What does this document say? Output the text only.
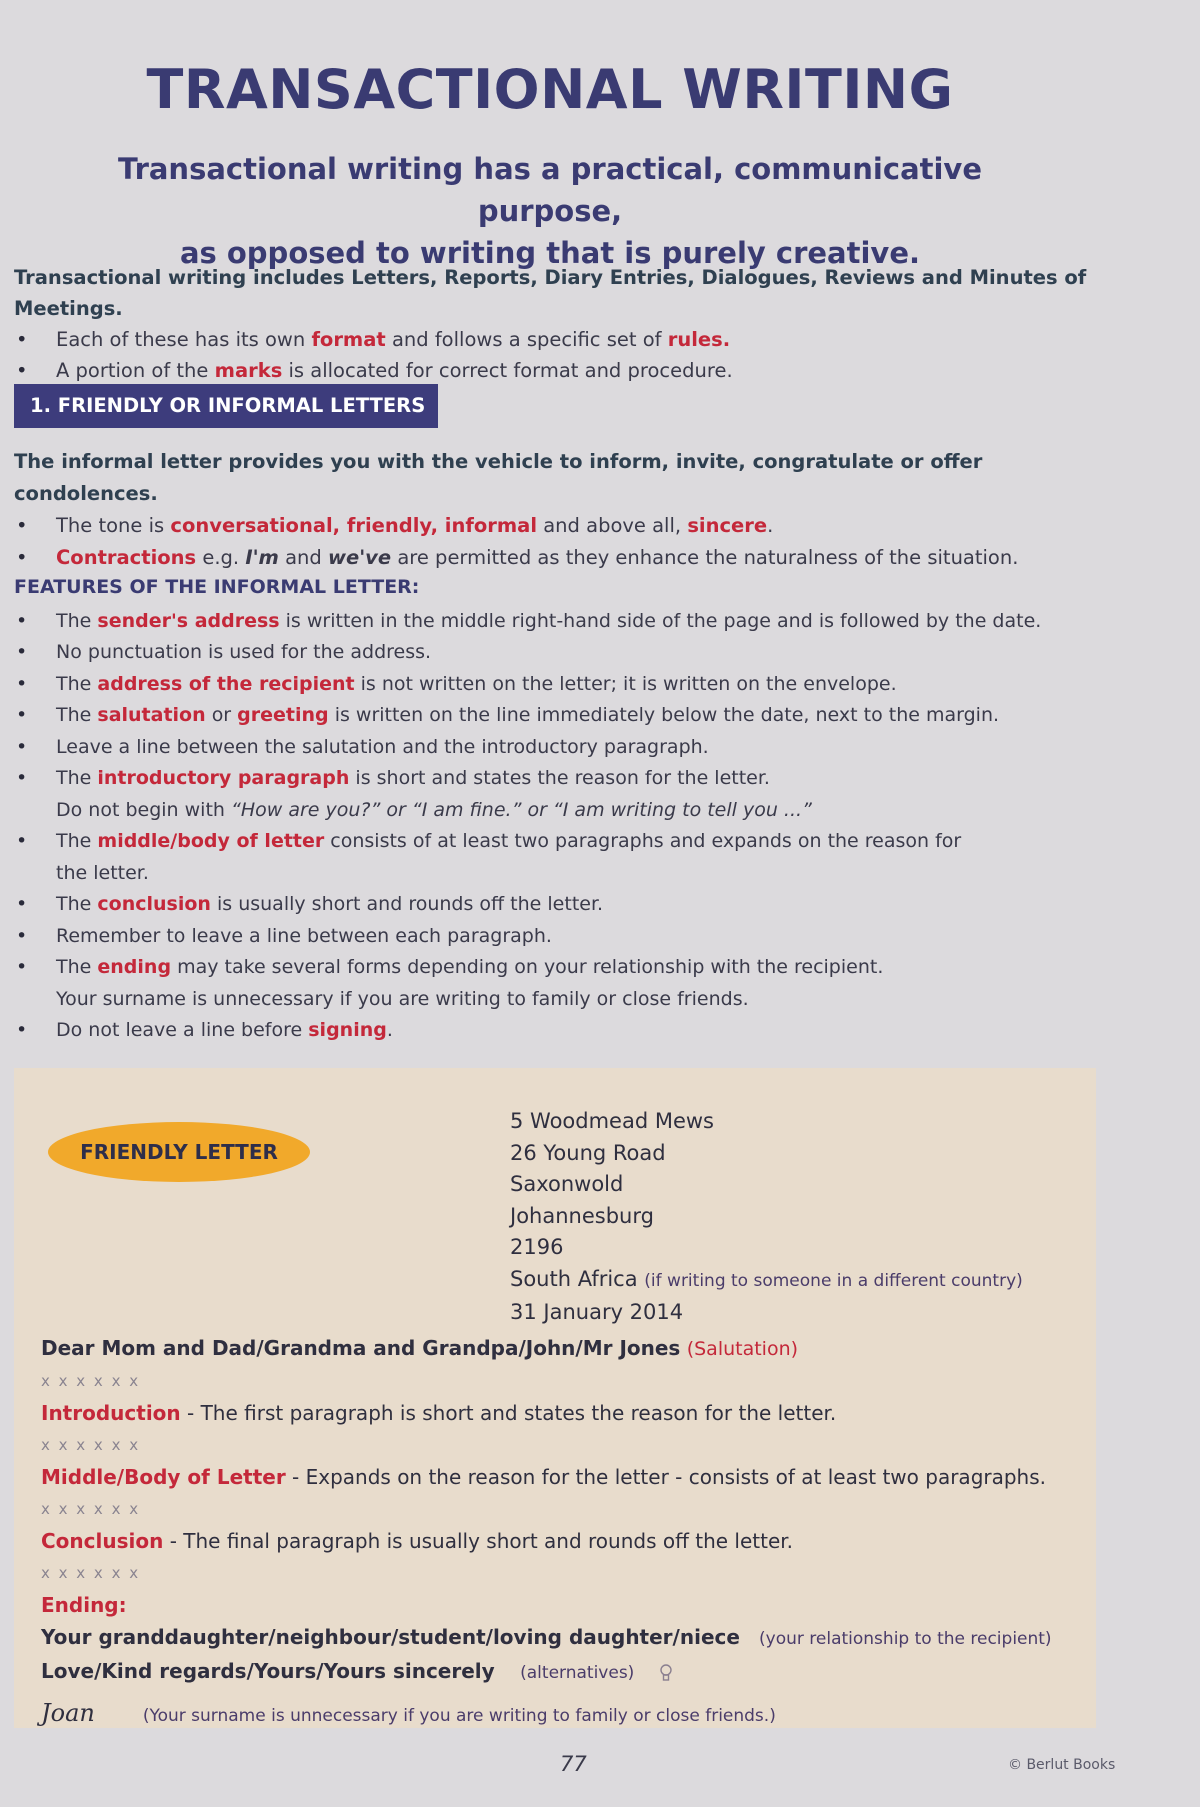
TRANSACTIONAL WRITING
Transactional writing has a practical, communicative purpose,
as opposed to writing that is purely creative.
Transactional writing includes Letters, Reports, Diary Entries, Dialogues, Reviews and Minutes of Meetings.
• Each of these has its own format and follows a specific set of rules.
• A portion of the marks is allocated for correct format and procedure.
1. FRIENDLY OR INFORMAL LETTERS
The informal letter provides you with the vehicle to inform, invite, congratulate or offer condolences.
• The tone is conversational, friendly, informal and above all, sincere.
• Contractions e.g. I'm and we've are permitted as they enhance the naturalness of the situation.
FEATURES OF THE INFORMAL LETTER:
• The sender's address is written in the middle right-hand side of the page and is followed by the date.
• No punctuation is used for the address.
• The address of the recipient is not written on the letter; it is written on the envelope.
• The salutation or greeting is written on the line immediately below the date, next to the margin.
• Leave a line between the salutation and the introductory paragraph.
• The introductory paragraph is short and states the reason for the letter.
Do not begin with “How are you?” or “I am fine.” or “I am writing to tell you ...”
• The middle/body of letter consists of at least two paragraphs and expands on the reason for
the letter.
• The conclusion is usually short and rounds off the letter.
• Remember to leave a line between each paragraph.
• The ending may take several forms depending on your relationship with the recipient.
Your surname is unnecessary if you are writing to family or close friends.
• Do not leave a line before signing.
FRIENDLY LETTER
5 Woodmead Mews
26 Young Road
Saxonwold
Johannesburg
2196
South Africa (if writing to someone in a different country)
31 January 2014
Dear Mom and Dad/Grandma and Grandpa/John/Mr Jones (Salutation)
x x x x x x
Introduction - The first paragraph is short and states the reason for the letter.
x x x x x x
Middle/Body of Letter - Expands on the reason for the letter - consists of at least two paragraphs.
x x x x x x
Conclusion - The final paragraph is usually short and rounds off the letter.
x x x x x x
Ending:
Your granddaughter/neighbour/student/loving daughter/niece (your relationship to the recipient)
Love/Kind regards/Yours/Yours sincerely (alternatives)
Joan	(Your surname is unnecessary if you are writing to family or close friends.)
77	© Berlut Books
